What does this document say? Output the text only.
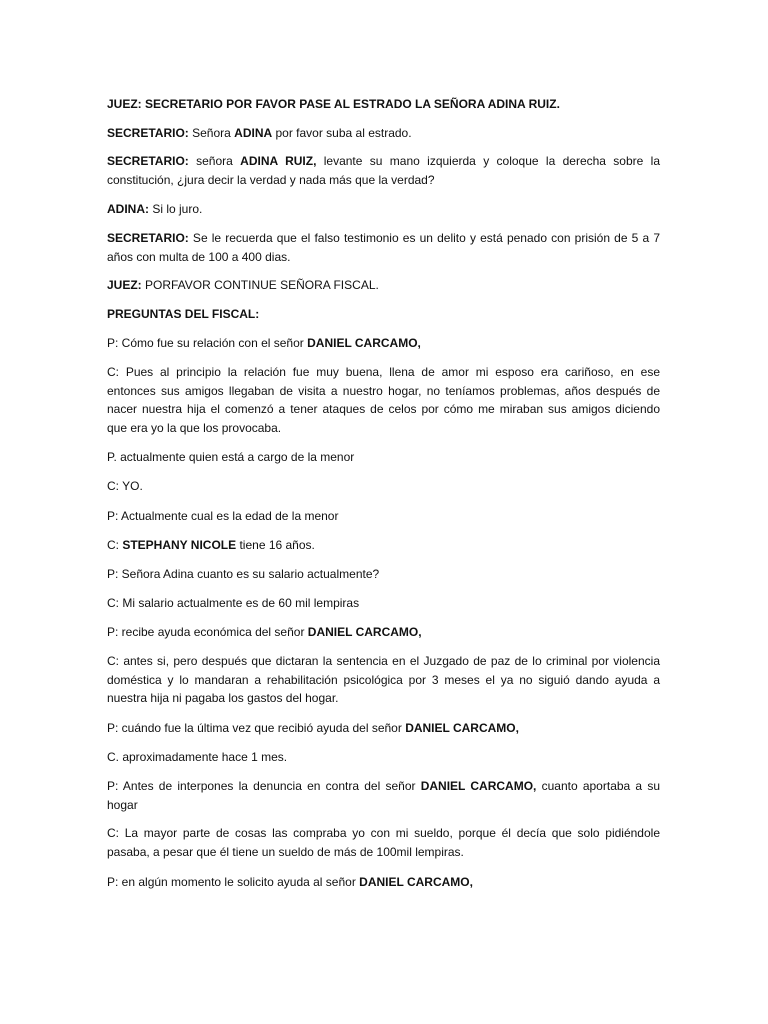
JUEZ: SECRETARIO POR FAVOR PASE AL ESTRADO LA SEÑORA ADINA RUIZ.
SECRETARIO: Señora ADINA por favor suba al estrado.
SECRETARIO: señora ADINA RUIZ, levante su mano izquierda y coloque la derecha sobre la
constitución, ¿jura decir la verdad y nada más que la verdad?
ADINA: Si lo juro.
SECRETARIO: Se le recuerda que el falso testimonio es un delito y está penado con prisión de 5 a 7
años con multa de 100 a 400 dias.
JUEZ: PORFAVOR CONTINUE SEÑORA FISCAL.
PREGUNTAS DEL FISCAL:
P: Cómo fue su relación con el señor DANIEL CARCAMO,
C: Pues al principio la relación fue muy buena, llena de amor mi esposo era cariñoso, en ese
entonces sus amigos llegaban de visita a nuestro hogar, no teníamos problemas, años después de
nacer nuestra hija el comenzó a tener ataques de celos por cómo me miraban sus amigos diciendo
que era yo la que los provocaba.
P. actualmente quien está a cargo de la menor
C: YO.
P: Actualmente cual es la edad de la menor
C: STEPHANY NICOLE tiene 16 años.
P: Señora Adina cuanto es su salario actualmente?
C: Mi salario actualmente es de 60 mil lempiras
P: recibe ayuda económica del señor DANIEL CARCAMO,
C: antes si, pero después que dictaran la sentencia en el Juzgado de paz de lo criminal por violencia
doméstica y lo mandaran a rehabilitación psicológica por 3 meses el ya no siguió dando ayuda a
nuestra hija ni pagaba los gastos del hogar.
P: cuándo fue la última vez que recibió ayuda del señor DANIEL CARCAMO,
C. aproximadamente hace 1 mes.
P: Antes de interpones la denuncia en contra del señor DANIEL CARCAMO, cuanto aportaba a su
hogar
C: La mayor parte de cosas las compraba yo con mi sueldo, porque él decía que solo pidiéndole
pasaba, a pesar que él tiene un sueldo de más de 100mil lempiras.
P: en algún momento le solicito ayuda al señor DANIEL CARCAMO,
